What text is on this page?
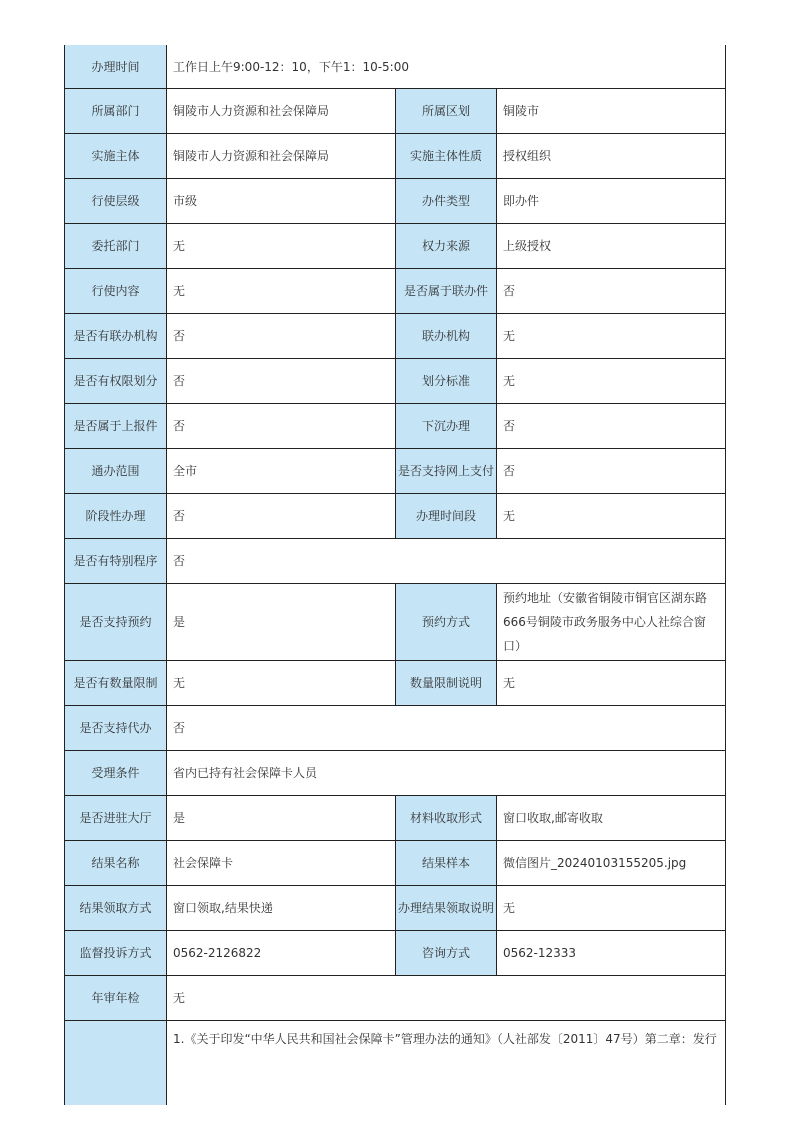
办理时间	工作日上午9:00-12：10，下午1：10-5:00		
所属部门	铜陵市人力资源和社会保障局	所属区划	铜陵市
实施主体	铜陵市人力资源和社会保障局	实施主体性质	授权组织
行使层级	市级	办件类型	即办件
委托部门	无	权力来源	上级授权
行使内容	无	是否属于联办件	否
是否有联办机构	否	联办机构	无
是否有权限划分	否	划分标准	无
是否属于上报件	否	下沉办理	否
通办范围	全市	是否支持网上支付	否
阶段性办理	否	办理时间段	无
是否有特别程序	否		
是否支持预约	是	预约方式	预约地址（安徽省铜陵市铜官区湖东路666号铜陵市政务服务中心人社综合窗口）
是否有数量限制	无	数量限制说明	无
是否支持代办	否		
受理条件	省内已持有社会保障卡人员		
是否进驻大厅	是	材料收取形式	窗口收取,邮寄收取
结果名称	社会保障卡	结果样本	微信图片_20240103155205.jpg
结果领取方式	窗口领取,结果快递	办理结果领取说明	无
监督投诉方式	0562-2126822	咨询方式	0562-12333
年审年检	无		
	1.《关于印发“中华人民共和国社会保障卡”管理办法的通知》（人社部发〔2011〕47号）第二章：发行		
